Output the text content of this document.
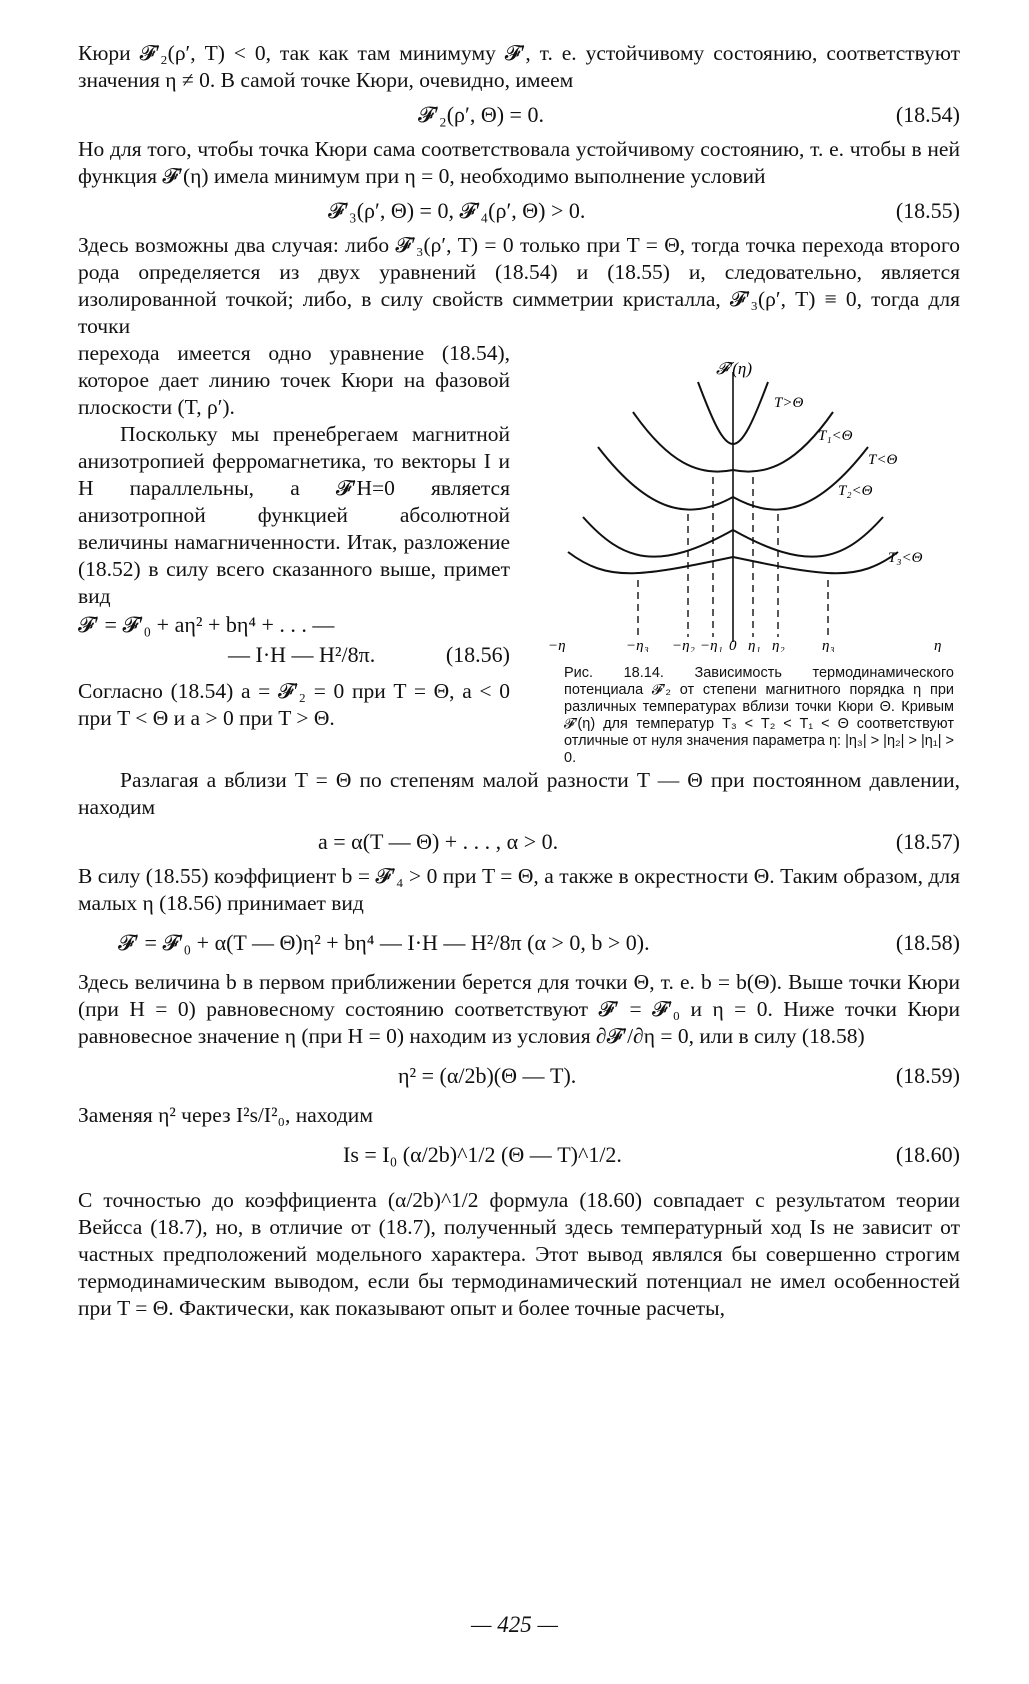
Кюри 𝓕′₂(ρ′, T) < 0, так как там минимуму 𝓕′, т. е. устойчивому состоянию, соответствуют значения η ≠ 0. В самой точке Кюри, очевидно, имеем

𝓕′₂(ρ′, Θ) = 0.	(18.54)

Но для того, чтобы точка Кюри сама соответствовала устойчивому состоянию, т. е. чтобы в ней функция 𝓕′(η) имела минимум при η = 0, необходимо выполнение условий

𝓕′₃(ρ′, Θ) = 0, 𝓕′₄(ρ′, Θ) > 0.	(18.55)

Здесь возможны два случая: либо 𝓕′₃(ρ′, T) = 0 только при T = Θ, тогда точка перехода второго рода определяется из двух уравнений (18.54) и (18.55) и, следовательно, является изолированной точкой; либо, в силу свойств симметрии кристалла, 𝓕′₃(ρ′, T) ≡ 0, тогда для точки

перехода имеется одно уравнение (18.54), которое дает линию точек Кюри на фазовой плоскости (T, ρ′).

Поскольку мы пренебрегаем магнитной анизотропией ферромагнетика, то векторы I и H параллельны, а 𝓕′H=0 является анизотропной функцией абсолютной величины намагниченности. Итак, разложение (18.52) в силу всего сказанного выше, примет вид

𝓕′ = 𝓕′₀ + aη² + bη⁴ + . . . —
— I·H — H²/8π.	(18.56)

Согласно (18.54) a = 𝓕′₂ = 0 при T = Θ, a < 0 при T < Θ и a > 0 при T > Θ.

𝓕′(η)
T>Θ
T₁<Θ
T<Θ
T₂<Θ
T₃<Θ
−η	−η₃ −η₂ −η₁ 0 η₁ η₂ η₃	η
Рис. 18.14. Зависимость термодинамического потенциала 𝓕′₂ от степени магнитного порядка η при различных температурах вблизи точки Кюри Θ. Кривым 𝓕′(η) для температур T₃ < T₂ < T₁ < Θ соответствуют отличные от нуля значения параметра η: |η₃| > |η₂| > |η₁| > 0.

Разлагая a вблизи T = Θ по степеням малой разности T — Θ при постоянном давлении, находим

a = α(T — Θ) + . . . , α > 0.	(18.57)

В силу (18.55) коэффициент b = 𝓕′₄ > 0 при T = Θ, а также в окрестности Θ. Таким образом, для малых η (18.56) принимает вид

𝓕′ = 𝓕′₀ + α(T — Θ)η² + bη⁴ — I·H — H²/8π (α > 0, b > 0).	(18.58)

Здесь величина b в первом приближении берется для точки Θ, т. е. b = b(Θ). Выше точки Кюри (при H = 0) равновесному состоянию соответствуют 𝓕′ = 𝓕′₀ и η = 0. Ниже точки Кюри равновесное значение η (при H = 0) находим из условия ∂𝓕′/∂η = 0, или в силу (18.58)

η² = (α/2b)(Θ — T).	(18.59)

Заменяя η² через I²s/I²₀, находим

Is = I₀ (α/2b)^1/2 (Θ — T)^1/2.	(18.60)

С точностью до коэффициента (α/2b)^1/2 формула (18.60) совпадает с результатом теории Вейсса (18.7), но, в отличие от (18.7), полученный здесь температурный ход Is не зависит от частных предположений модельного характера. Этот вывод являлся бы совершенно строгим термодинамическим выводом, если бы термодинамический потенциал не имел особенностей при T = Θ. Фактически, как показывают опыт и более точные расчеты,

— 425 —
